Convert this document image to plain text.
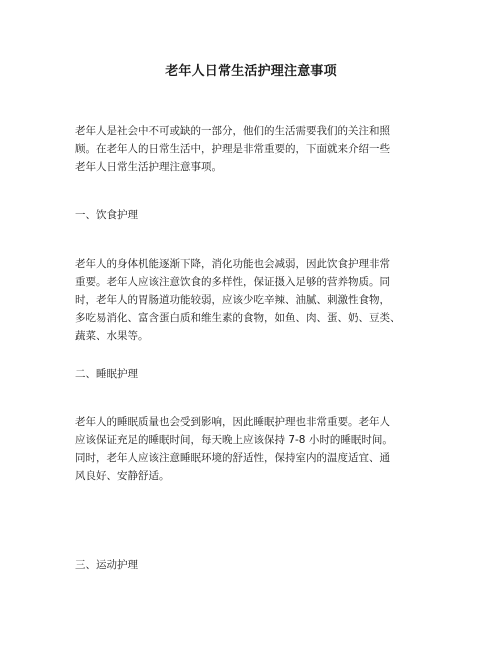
老年人日常生活护理注意事项
老年人是社会中不可或缺的一部分，他们的生活需要我们的关注和照
顾。在老年人的日常生活中，护理是非常重要的，下面就来介绍一些
老年人日常生活护理注意事项。
一、饮食护理
老年人的身体机能逐渐下降，消化功能也会减弱，因此饮食护理非常
重要。老年人应该注意饮食的多样性，保证摄入足够的营养物质。同
时，老年人的胃肠道功能较弱，应该少吃辛辣、油腻、刺激性食物，
多吃易消化、富含蛋白质和维生素的食物，如鱼、肉、蛋、奶、豆类、
蔬菜、水果等。
二、睡眠护理
老年人的睡眠质量也会受到影响，因此睡眠护理也非常重要。老年人
应该保证充足的睡眠时间，每天晚上应该保持 7-8 小时的睡眠时间。
同时，老年人应该注意睡眠环境的舒适性，保持室内的温度适宜、通
风良好、安静舒适。
三、运动护理
